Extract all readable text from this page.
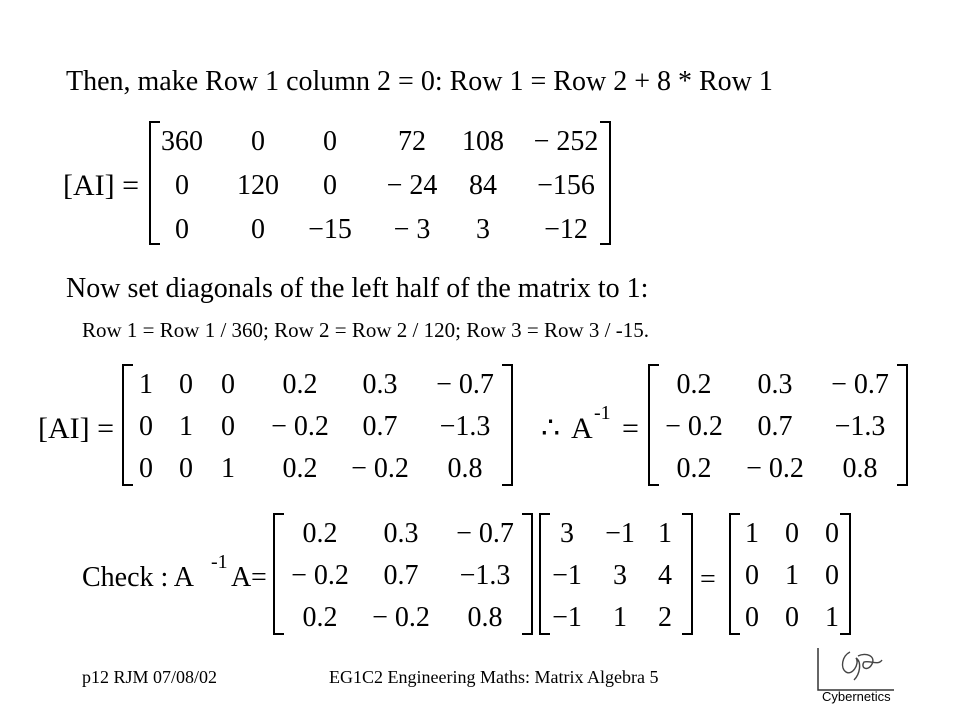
Then, make Row 1 column 2 = 0: Row 1 = Row 2 + 8 * Row 1
Now set diagonals of the left half of the matrix to 1:
Row 1 = Row 1 / 360; Row 2 = Row 2 / 120; Row 3 = Row 3 / -15.
[AI] =
360 0 0 72 108 − 252
0 120 0 − 24 84 −156
0 0 −15 − 3 3 −12
[AI] =
1 0 0 0.2 0.3 − 0.7
0 1 0 − 0.2 0.7 −1.3
0 0 1 0.2 − 0.2 0.8
∴ A -1 =
0.2 0.3 − 0.7
− 0.2 0.7 −1.3
0.2 − 0.2 0.8
Check : A -1 A =	=
0.2 0.3 − 0.7
− 0.2 0.7 −1.3
0.2 − 0.2 0.8
3 −1 1
−1 3 4
−1 1 2
1 0 0
0 1 0
0 0 1
p12 RJM 07/08/02	EG1C2 Engineering Maths: Matrix Algebra 5
Cybernetics
